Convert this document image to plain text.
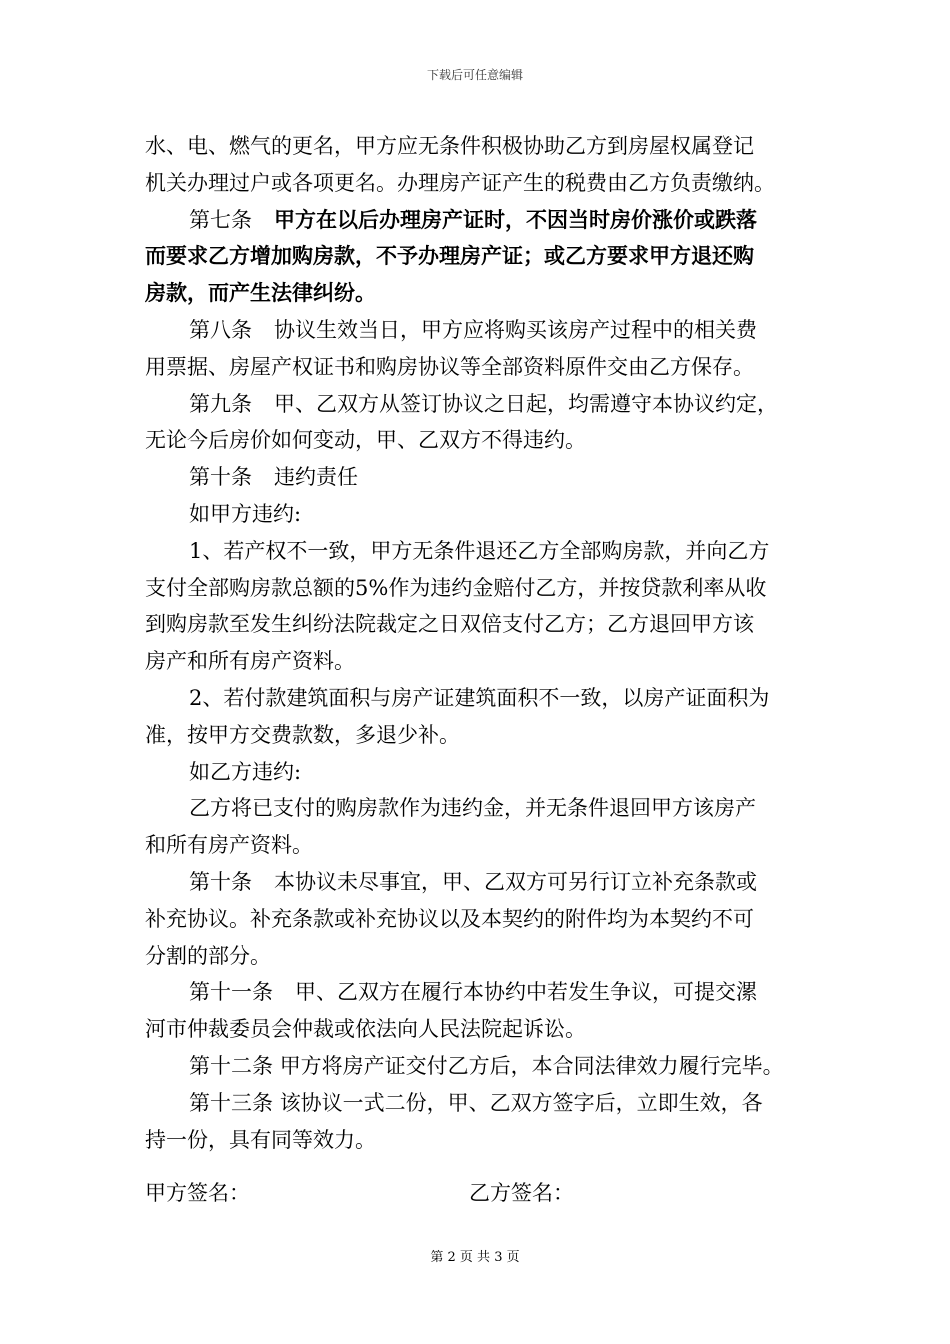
下载后可任意编辑

水、电、燃气的更名，甲方应无条件积极协助乙方到房屋权属登记

机关办理过户或各项更名。办理房产证产生的税费由乙方负责缴纳。

第七条 甲方在以后办理房产证时，不因当时房价涨价或跌落

而要求乙方增加购房款，不予办理房产证；或乙方要求甲方退还购

房款，而产生法律纠纷。

第八条 协议生效当日，甲方应将购买该房产过程中的相关费

用票据、房屋产权证书和购房协议等全部资料原件交由乙方保存。

第九条 甲、乙双方从签订协议之日起，均需遵守本协议约定，

无论今后房价如何变动，甲、乙双方不得违约。

第十条 违约责任

如甲方违约:

1、若产权不一致，甲方无条件退还乙方全部购房款，并向乙方

支付全部购房款总额的5%作为违约金赔付乙方，并按贷款利率从收

到购房款至发生纠纷法院裁定之日双倍支付乙方；乙方退回甲方该

房产和所有房产资料。

2、若付款建筑面积与房产证建筑面积不一致，以房产证面积为

准，按甲方交费款数，多退少补。

如乙方违约:

乙方将已支付的购房款作为违约金，并无条件退回甲方该房产

和所有房产资料。

第十条 本协议未尽事宜，甲、乙双方可另行订立补充条款或

补充协议。补充条款或补充协议以及本契约的附件均为本契约不可

分割的部分。

第十一条 甲、乙双方在履行本协约中若发生争议，可提交漯

河市仲裁委员会仲裁或依法向人民法院起诉讼。

第十二条 甲方将房产证交付乙方后，本合同法律效力履行完毕。

第十三条 该协议一式二份，甲、乙双方签字后，立即生效，各

持一份，具有同等效力。

甲方签名：	乙方签名：
第 2 页 共 3 页
